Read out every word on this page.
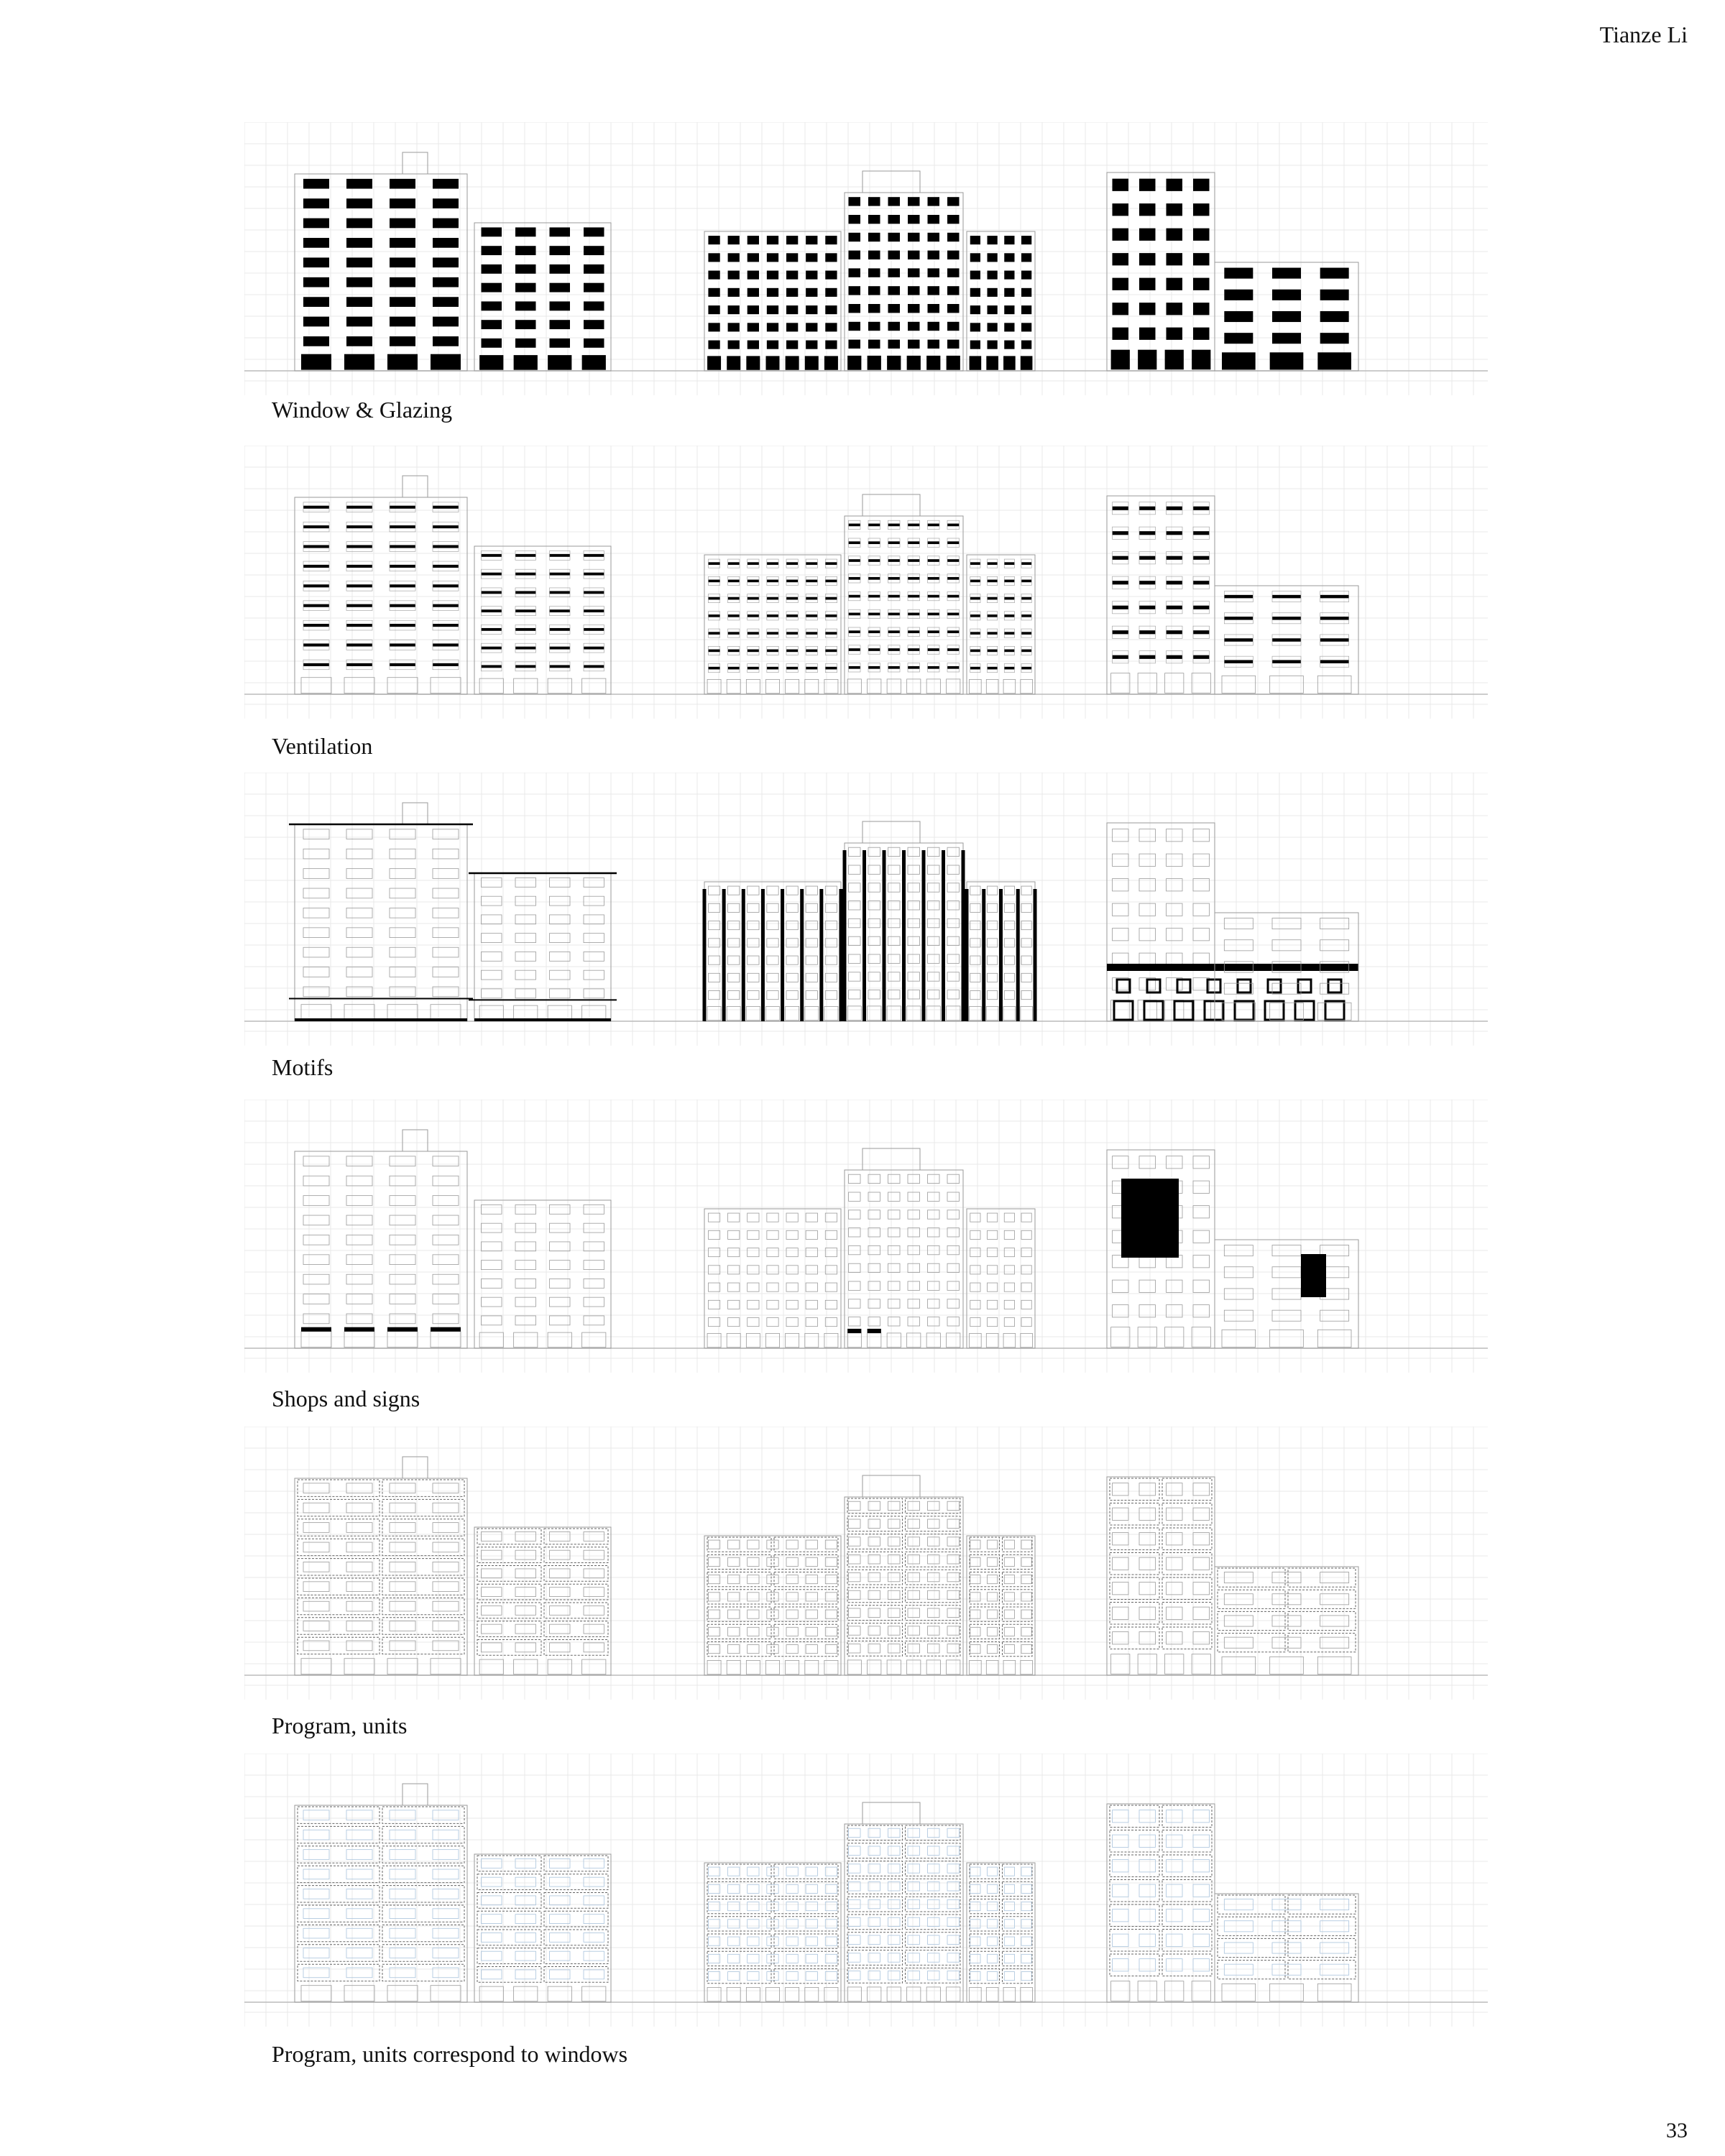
Tianze Li
Window & Glazing
Ventilation
Motifs
Shops and signs
Program, units
Program, units correspond to windows
33
